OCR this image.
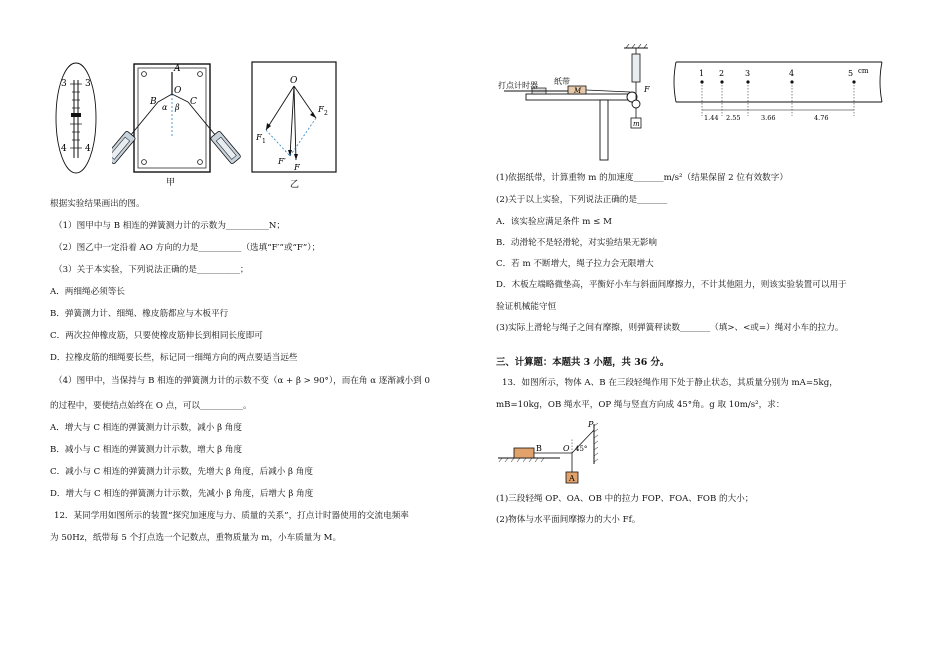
3 3
4 4
A
O
B	C
α β
甲
O
F 1
F 2
F′
F
乙
根据实验结果画出的图。
（1）图甲中与 B 相连的弹簧测力计的示数为__________N；
（2）图乙中一定沿着 AO 方向的力是__________（选填“F′”或“F”）；
（3）关于本实验，下列说法正确的是__________；
A．两细绳必须等长
B．弹簧测力计、细绳、橡皮筋都应与木板平行
C．两次拉伸橡皮筋，只要使橡皮筋伸长到相同长度即可
D．拉橡皮筋的细绳要长些，标记同一细绳方向的两点要适当远些
（4）图甲中，当保持与 B 相连的弹簧测力计的示数不变（α + β > 90°），而在角 α 逐渐减小到 0
的过程中，要使结点始终在 O 点，可以__________。
A．增大与 C 相连的弹簧测力计示数，减小 β 角度
B．减小与 C 相连的弹簧测力计示数，增大 β 角度
C．减小与 C 相连的弹簧测力计示数，先增大 β 角度，后减小 β 角度
D．增大与 C 相连的弹簧测力计示数，先减小 β 角度，后增大 β 角度
12．某同学用如图所示的装置“探究加速度与力、质量的关系”，打点计时器使用的交流电频率
为 50Hz，纸带每 5 个打点选一个记数点，重物质量为 m，小车质量为 M。
打点计时器 纸带
M	F
m
1 2	3	4	5 cm
1.44 2.55	3.66	4.76
(1)依据纸带，计算重物 m 的加速度_______m/s²（结果保留 2 位有效数字）
(2)关于以上实验，下列说法正确的是_______
A．该实验应满足条件 m ≤ M
B．动滑轮不是轻滑轮，对实验结果无影响
C．若 m 不断增大，绳子拉力会无限增大
D．木板左端略微垫高，平衡好小车与斜面间摩擦力，不计其他阻力，则该实验装置可以用于
验证机械能守恒
(3)实际上滑轮与绳子之间有摩擦，则弹簧秤读数_______（填>、<或=）绳对小车的拉力。
三、计算题：本题共 3 小题，共 36 分。
13．如图所示，物体 A、B 在三段轻绳作用下处于静止状态，其质量分别为 mA=5kg，
mB=10kg，OB 绳水平，OP 绳与竖直方向成 45°角。g 取 10m/s²，求：
P
B	O 45°
A
(1)三段轻绳 OP、OA、OB 中的拉力 FOP、FOA、FOB 的大小；
(2)物体与水平面间摩擦力的大小 Ff。
